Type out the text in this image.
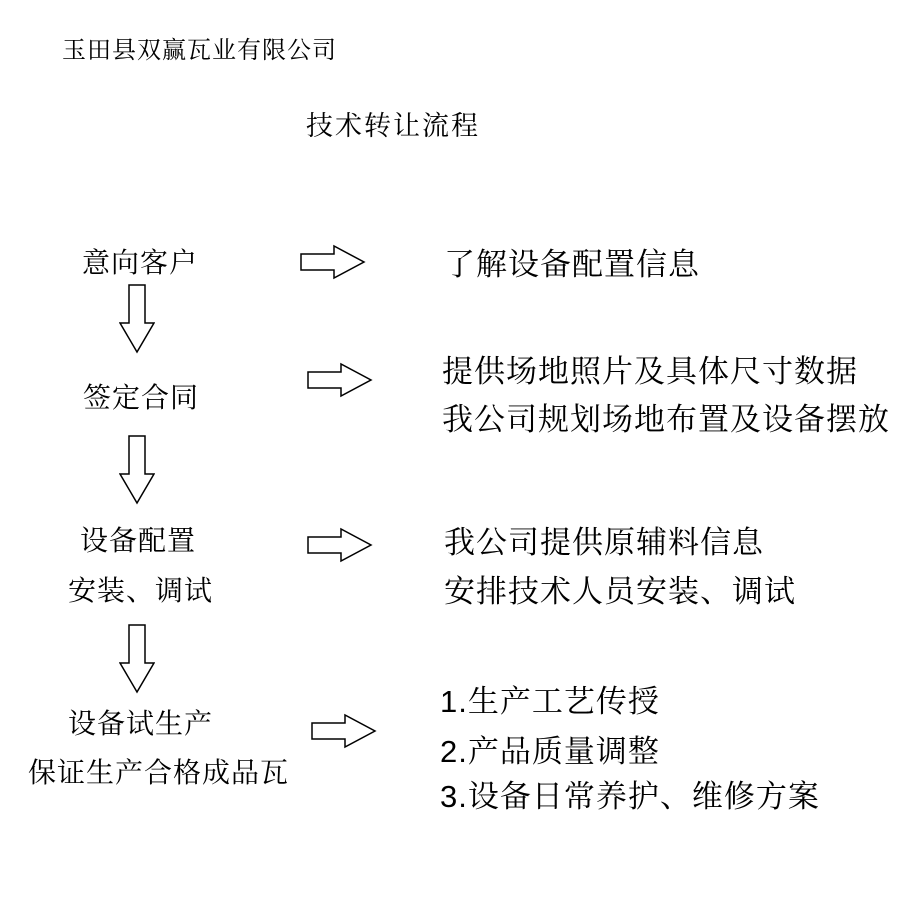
玉田县双赢瓦业有限公司
技术转让流程
意向客户
签定合同
设备配置
安装、调试
设备试生产
保证生产合格成品瓦
了解设备配置信息
提供场地照片及具体尺寸数据
我公司规划场地布置及设备摆放
我公司提供原辅料信息
安排技术人员安装、调试
1.生产工艺传授
2.产品质量调整
3.设备日常养护、维修方案
